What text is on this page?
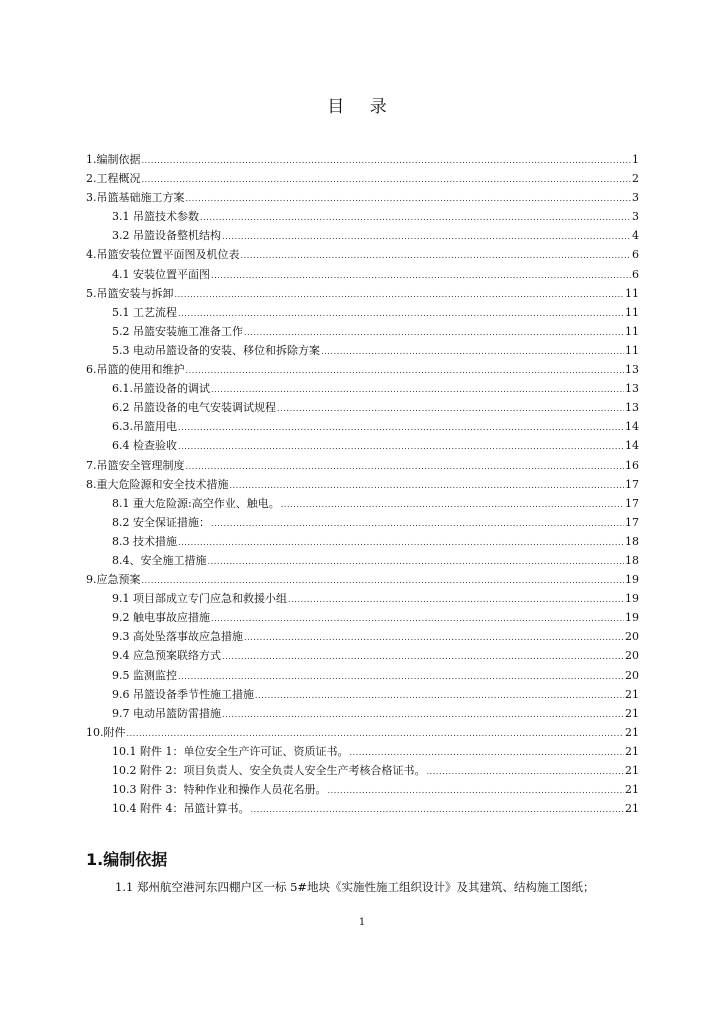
目 录
1.编制依据 .....	1
2.工程概况 .....	2
3.吊篮基础施工方案 .....	3
3.1 吊篮技术参数 .....	3
3.2 吊篮设备整机结构 .....	4
4.吊篮安装位置平面图及机位表 .....	6
4.1 安装位置平面图 .....	6
5.吊篮安装与拆卸 .....	11
5.1 工艺流程 .....	11
5.2 吊篮安装施工准备工作 .....	11
5.3 电动吊篮设备的安装、移位和拆除方案 .....	11
6.吊篮的使用和维护 .....	13
6.1.吊篮设备的调试 .....	13
6.2 吊篮设备的电气安装调试规程 .....	13
6.3.吊篮用电 .....	14
6.4 检查验收 .....	14
7.吊篮安全管理制度 .....	16
8.重大危险源和安全技术措施 .....	17
8.1 重大危险源:高空作业、触电。 .....	17
8.2 安全保证措施： .....	17
8.3 技术措施 .....	18
8.4、安全施工措施 .....	18
9.应急预案 .....	19
9.1 项目部成立专门应急和救援小组 .....	19
9.2 触电事故应措施 .....	19
9.3 高处坠落事故应急措施 .....	20
9.4 应急预案联络方式 .....	20
9.5 监测监控 .....	20
9.6 吊篮设备季节性施工措施 .....	21
9.7 电动吊篮防雷措施 .....	21
10.附件 .....	21
10.1 附件 1：单位安全生产许可证、资质证书。 .....	21
10.2 附件 2：项目负责人、安全负责人安全生产考核合格证书。 .....	21
10.3 附件 3：特种作业和操作人员花名册。 .....	21
10.4 附件 4：吊篮计算书。 .....	21
1.编制依据

1.1 郑州航空港河东四棚户区一标 5#地块《实施性施工组织设计》及其建筑、结构施工图纸；

1
